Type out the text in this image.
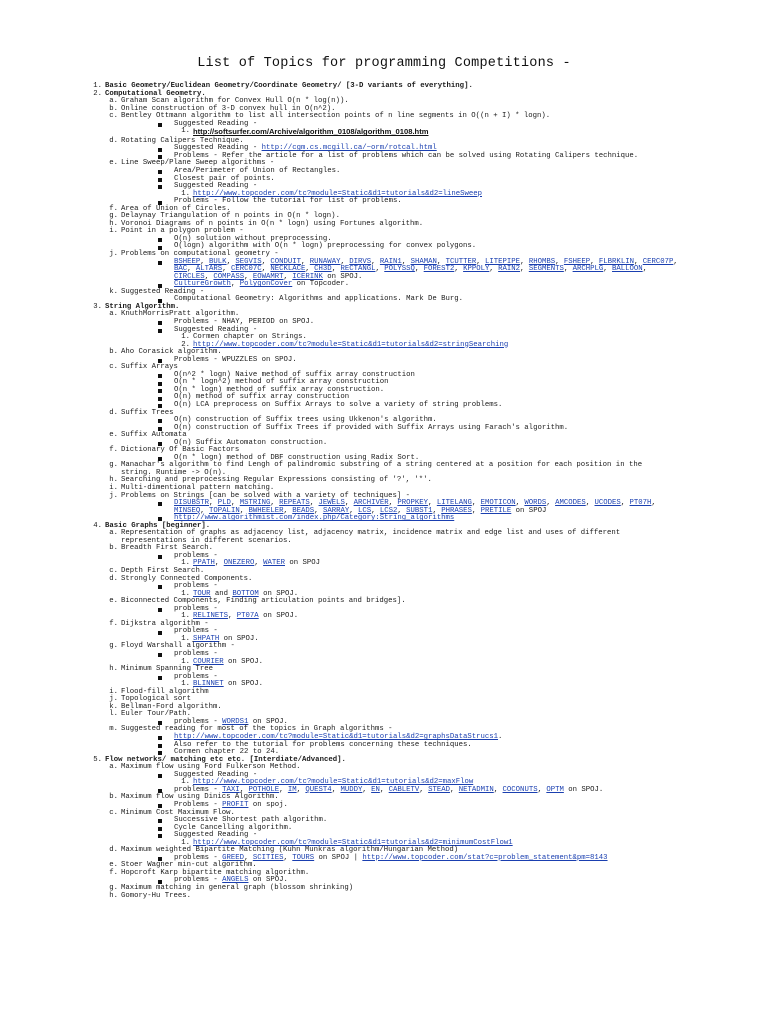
List of Topics for programming Competitions -
1. Basic Geometry/Euclidean Geometry/Coordinate Geometry/ [3-D variants of everything].
2. Computational Geometry.
a. Graham Scan algorithm for Convex Hull O(n * log(n)).
b. Online construction of 3-D convex hull in O(n^2).
c. Bentley Ottmann algorithm to list all intersection points of n line segments in O((n + I) * logn).
Suggested Reading -
1. http://softsurfer.com/Archive/algorithm_0108/algorithm_0108.htm
d. Rotating Calipers Technique.
Suggested Reading - http://cgm.cs.mcgill.ca/~orm/rotcal.html
Problems - Refer the article for a list of problems which can be solved using Rotating Calipers technique.
e. Line Sweep/Plane Sweep algorithms -
Area/Perimeter of Union of Rectangles.
Closest pair of points.
Suggested Reading -
1. http://www.topcoder.com/tc?module=Static&d1=tutorials&d2=lineSweep
Problems - Follow the tutorial for list of problems.
f. Area of Union of Circles.
g. Delaynay Triangulation of n points in O(n * logn).
h. Voronoi Diagrams of n points in O(n * logn) using Fortunes algorithm.
i. Point in a polygon problem -
O(n) solution without preprocessing.
O(logn) algorithm with O(n * logn) preprocessing for convex polygons.
j. Problems on computational geometry -
BSHEEP, BULK, SEGVIS, CONDUIT, RUNAWAY, DIRVS, RAIN1, SHAMAN, TCUTTER, LITEPIPE, RHOMBS, FSHEEP, FLBRKLIN, CERC07P,
BAC, ALTARS, CERC07C, NECKLACE, CH3D, RECTANGL, POLYSSQ, FOREST2, KPPOLY, RAIN2, SEGMENTS, ARCHPLG, BALLOON,
CIRCLES, COMPASS, EOWAMRT, ICERINK on SPOJ.
CultureGrowth, PolygonCover on Topcoder.
k. Suggested Reading -
Computational Geometry: Algorithms and applications. Mark De Burg.
3. String Algorithm.
a. KnuthMorrisPratt algorithm.
Problems - NHAY, PERIOD on SPOJ.
Suggested Reading -
1. Cormen chapter on Strings.
2. http://www.topcoder.com/tc?module=Static&d1=tutorials&d2=stringSearching
b. Aho Corasick algorithm.
Problems - WPUZZLES on SPOJ.
c. Suffix Arrays
O(n^2 * logn) Naive method of suffix array construction
O(n * logn^2) method of suffix array construction
O(n * logn) method of suffix array construction.
O(n) method of suffix array construction
O(n) LCA preprocess on Suffix Arrays to solve a variety of string problems.
d. Suffix Trees
O(n) construction of Suffix trees using Ukkenon's algorithm.
O(n) construction of Suffix Trees if provided with Suffix Arrays using Farach's algorithm.
e. Suffix Automata
O(n) Suffix Automaton construction.
f. Dictionary Of Basic Factors
O(n * logn) method of DBF construction using Radix Sort.
g. Manachar's algorithm to find Lengh of palindromic substring of a string centered at a position for each position in the
string. Runtime -> O(n).
h. Searching and preprocessing Regular Expressions consisting of '?', '*'.
i. Multi-dimentional pattern matching.
j. Problems on Strings [can be solved with a variety of techniques] -
DISUBSTR, PLD, MSTRING, REPEATS, JEWELS, ARCHIVER, PROPKEY, LITELANG, EMOTICON, WORDS, AMCODES, UCODES, PT07H,
MINSEQ, TOPALIN, BWHEELER, BEADS, SARRAY, LCS, LCS2, SUBST1, PHRASES, PRETILE on SPOJ
http://www.algorithmist.com/index.php/Category:String_algorithms
4. Basic Graphs [beginner].
a. Representation of graphs as adjacency list, adjacency matrix, incidence matrix and edge list and uses of different
representations in different scenarios.
b. Breadth First Search.
problems -
1. PPATH, ONEZERO, WATER on SPOJ
c. Depth First Search.
d. Strongly Connected Components.
problems -
1. TOUR and BOTTOM on SPOJ.
e. Biconnected Components, Finding articulation points and bridges].
problems -
1. RELINETS, PT07A on SPOJ.
f. Dijkstra algorithm -
problems -
1. SHPATH on SPOJ.
g. Floyd Warshall algorithm -
problems -
1. COURIER on SPOJ.
h. Minimum Spanning Tree
problems -
1. BLINNET on SPOJ.
i. Flood-fill algorithm
j. Topological sort
k. Bellman-Ford algorithm.
l. Euler Tour/Path.
problems - WORDS1 on SPOJ.
m. Suggested reading for most of the topics in Graph algorithms -
http://www.topcoder.com/tc?module=Static&d1=tutorials&d2=graphsDataStrucs1.
Also refer to the tutorial for problems concerning these techniques.
Cormen chapter 22 to 24.
5. Flow networks/ matching etc etc. [Interdiate/Advanced].
a. Maximum flow using Ford Fulkerson Method.
Suggested Reading -
1. http://www.topcoder.com/tc?module=Static&d1=tutorials&d2=maxFlow
problems - TAXI, POTHOLE, IM, QUEST4, MUDDY, EN, CABLETV, STEAD, NETADMIN, COCONUTS, OPTM on SPOJ.
b. Maximum flow using Dinics Algorithm.
Problems - PROFIT on spoj.
c. Minimum Cost Maximum Flow.
Successive Shortest path algorithm.
Cycle Cancelling algorithm.
Suggested Reading -
1. http://www.topcoder.com/tc?module=Static&d1=tutorials&d2=minimumCostFlow1
d. Maximum weighted Bipartite Matching (Kuhn Munkras algorithm/Hungarian Method)
problems - GREED, SCITIES, TOURS on SPOJ | http://www.topcoder.com/stat?c=problem_statement&pm=8143
e. Stoer Wagner min-cut algorithm.
f. Hopcroft Karp bipartite matching algorithm.
problems - ANGELS on SPOJ.
g. Maximum matching in general graph (blossom shrinking)
h. Gomory-Hu Trees.
